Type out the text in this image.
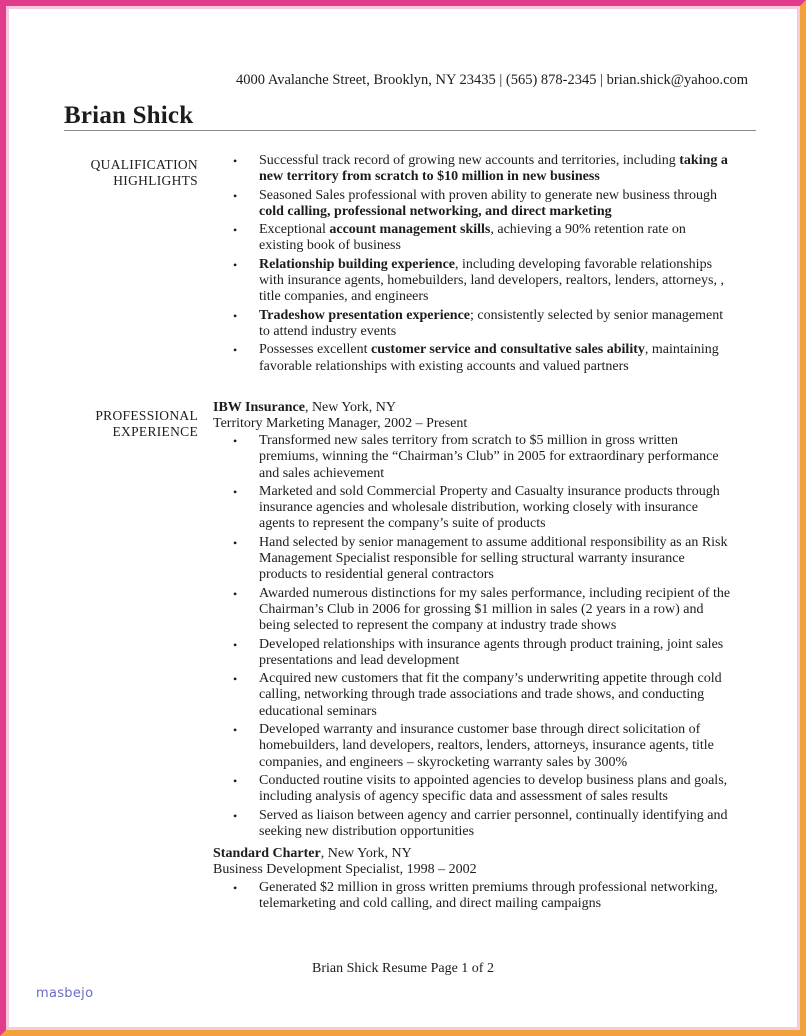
4000 Avalanche Street, Brooklyn, NY 23435 | (565) 878-2345 | brian.shick@yahoo.com
Brian Shick
QUALIFICATION
HIGHLIGHTS
• Successful track record of growing new accounts and territories, including taking a new territory from scratch to $10 million in new business
• Seasoned Sales professional with proven ability to generate new business through cold calling, professional networking, and direct marketing
• Exceptional account management skills, achieving a 90% retention rate on existing book of business
• Relationship building experience, including developing favorable relationships with insurance agents, homebuilders, land developers, realtors, lenders, attorneys, , title companies, and engineers
• Tradeshow presentation experience; consistently selected by senior management to attend industry events
• Possesses excellent customer service and consultative sales ability, maintaining favorable relationships with existing accounts and valued partners
PROFESSIONAL
EXPERIENCE
IBW Insurance, New York, NY
Territory Marketing Manager, 2002 – Present
• Transformed new sales territory from scratch to $5 million in gross written premiums, winning the “Chairman’s Club” in 2005 for extraordinary performance and sales achievement
• Marketed and sold Commercial Property and Casualty insurance products through insurance agencies and wholesale distribution, working closely with insurance agents to represent the company’s suite of products
• Hand selected by senior management to assume additional responsibility as an Risk Management Specialist responsible for selling structural warranty insurance products to residential general contractors
• Awarded numerous distinctions for my sales performance, including recipient of the Chairman’s Club in 2006 for grossing $1 million in sales (2 years in a row) and being selected to represent the company at industry trade shows
• Developed relationships with insurance agents through product training, joint sales presentations and lead development
• Acquired new customers that fit the company’s underwriting appetite through cold calling, networking through trade associations and trade shows, and conducting educational seminars
• Developed warranty and insurance customer base through direct solicitation of homebuilders, land developers, realtors, lenders, attorneys, insurance agents, title companies, and engineers – skyrocketing warranty sales by 300%
• Conducted routine visits to appointed agencies to develop business plans and goals, including analysis of agency specific data and assessment of sales results
• Served as liaison between agency and carrier personnel, continually identifying and seeking new distribution opportunities
Standard Charter, New York, NY
Business Development Specialist, 1998 – 2002
• Generated $2 million in gross written premiums through professional networking, telemarketing and cold calling, and direct mailing campaigns
Brian Shick Resume Page 1 of 2
masbejo
